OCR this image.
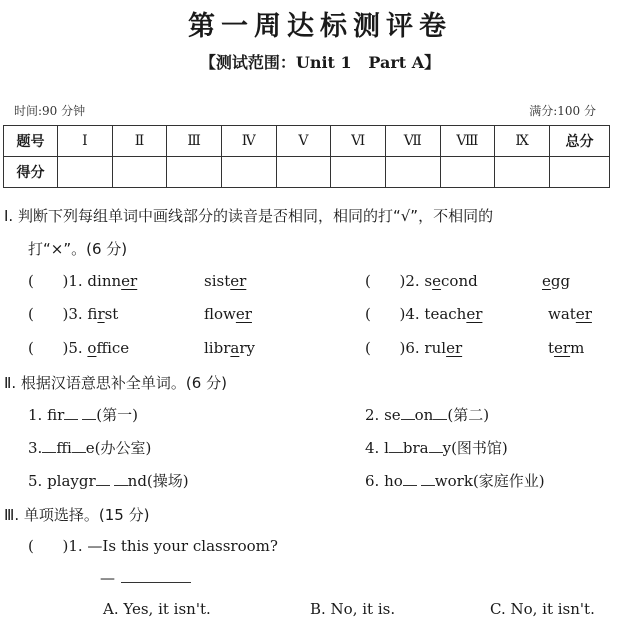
第一周达标测评卷
【测试范围：Unit 1 Part A】
时间:90 分钟	满分:100 分
题号	Ⅰ	Ⅱ	Ⅲ	Ⅳ	Ⅴ	Ⅵ	Ⅶ	Ⅷ	Ⅸ	总分
得分										
Ⅰ. 判断下列每组单词中画线部分的读音是否相同，相同的打“√”，不相同的
打“×”。(6 分)
( )1. dinner	sister	( )2. second	egg
( )3. first	flower	( )4. teacher	water
( )5. office	library	( )6. ruler	term
Ⅱ. 根据汉语意思补全单词。(6 分)
1. fir (第一)	2. se on (第二)
3. ffi e(办公室)	4. l bra y(图书馆)
5. playgr nd(操场)	6. ho work(家庭作业)
Ⅲ. 单项选择。(15 分)
( )1. —Is this your classroom?
—
A. Yes, it isn't.	B. No, it is.	C. No, it isn't.
